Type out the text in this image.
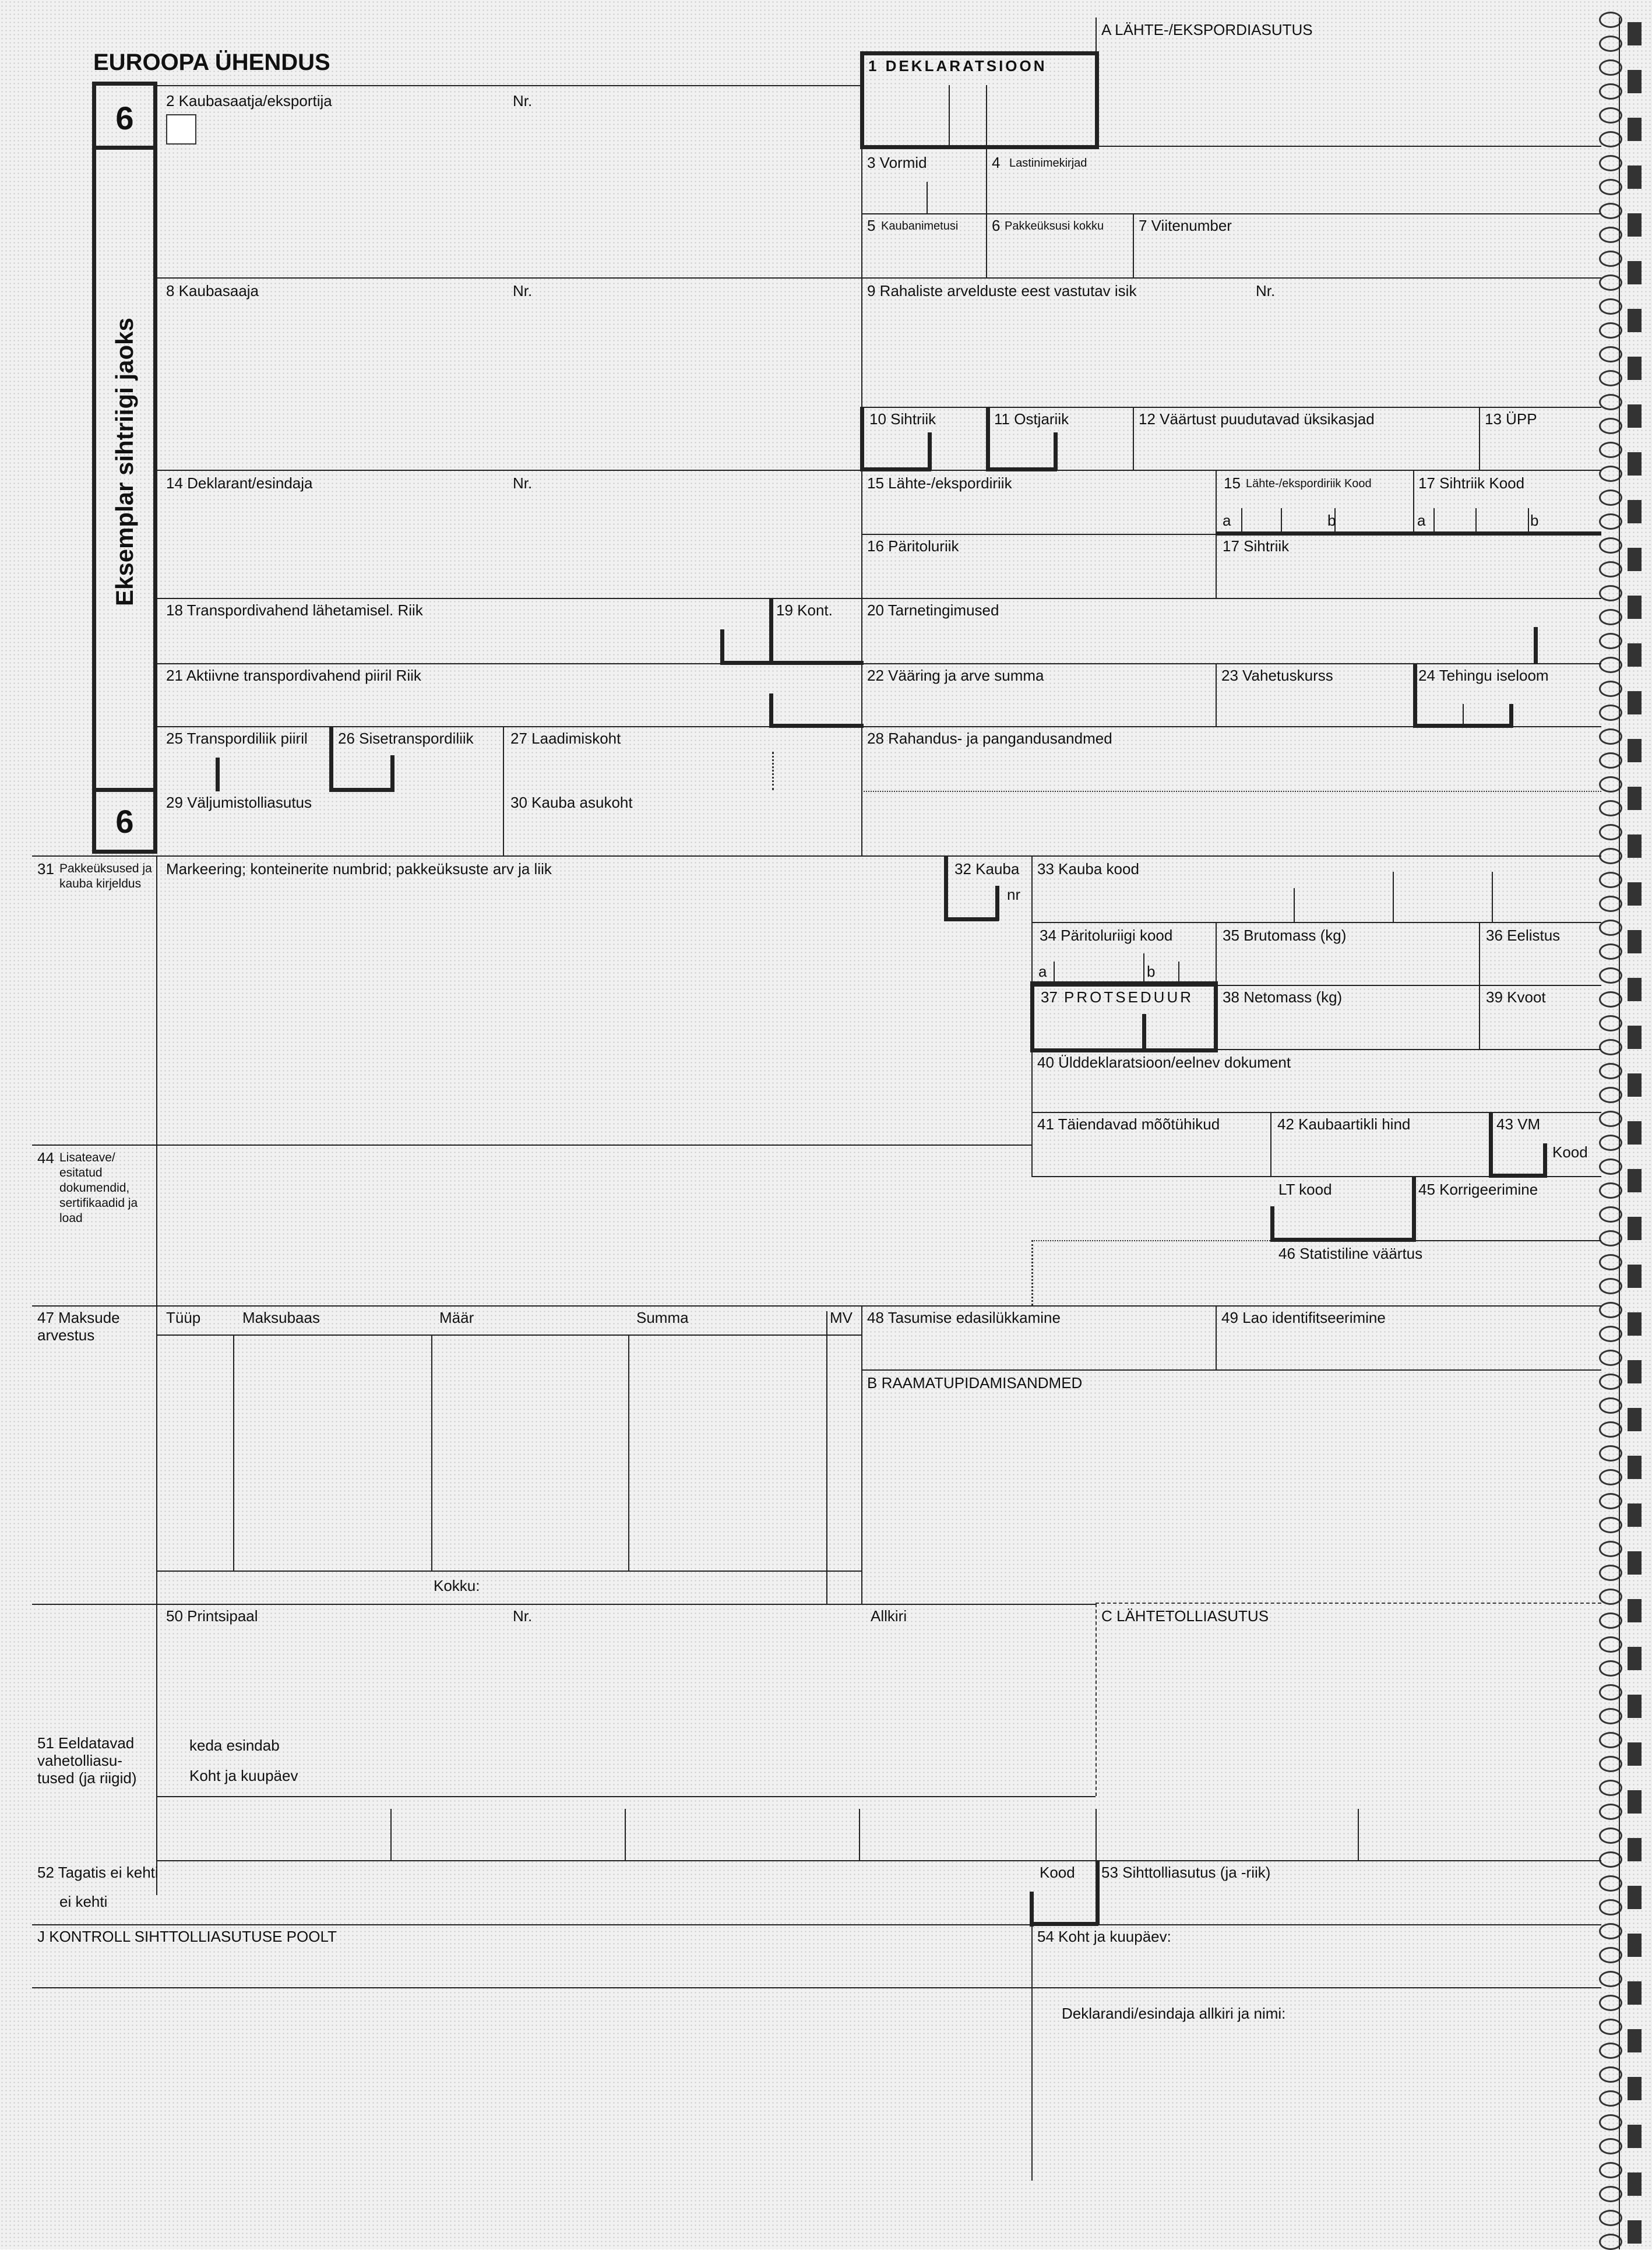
EUROOPA ÜHENDUS
6
6
Eksemplar sihtriigi jaoks
A LÄHTE-/EKSPORDIASUTUS
1 DEKLARATSIOON
2 Kaubasaatja/eksportija	Nr.
3 Vormid	4 Lastinimekirjad
5 Kaubanimetusi 6 Pakkeüksusi kokku 7 Viitenumber
8 Kaubasaaja	Nr.	9 Rahaliste arvelduste eest vastutav isik	Nr.
10 Sihtriik	11 Ostjariik	12 Väärtust puudutavad üksikasjad	13 ÜPP
14 Deklarant/esindaja	Nr.	15 Lähte-/ekspordiriik	15 Lähte-/ekspordiriik Kood	17 Sihtriik Kood
a	b	a	b
16 Päritoluriik	17 Sihtriik
18 Transpordivahend lähetamisel. Riik	19 Kont. 20 Tarnetingimused
21 Aktiivne transpordivahend piiril Riik	22 Vääring ja arve summa	23 Vahetuskurss	24 Tehingu iseloom
25 Transpordiliik piiril 26 Sisetranspordiliik 27 Laadimiskoht	28 Rahandus- ja pangandusandmed
29 Väljumistolliasutus	30 Kauba asukoht
31 Pakkeüksused ja kauba kirjeldus
Markeering; konteinerite numbrid; pakkeüksuste arv ja liik	32 Kauba
nr
33 Kauba kood
34 Päritoluriigi kood
a	b
35 Brutomass (kg)	36 Eelistus
37 PROTSEDUUR 38 Netomass (kg)	39 Kvoot
40 Ülddeklaratsioon/eelnev dokument
41 Täiendavad mõõtühikud	42 Kaubaartikli hind	43 VM
Kood
44 Lisateave/ esitatud dokumendid, sertifikaadid ja load
LT kood	45 Korrigeerimine
46 Statistiline väärtus
47 Maksude arvestus
Tüüp	Maksubaas	Määr	Summa	MV
Kokku:
48 Tasumise edasilükkamine	49 Lao identifitseerimine
B RAAMATUPIDAMISANDMED
50 Printsipaal	Nr.	Allkiri	C LÄHTETOLLIASUTUS
51 Eeldatavad vahetolliasu- tused (ja riigid)
keda esindab
Koht ja kuupäev
52 Tagatis ei kehti
ei kehti
Kood 53 Sihttolliasutus (ja -riik)
J KONTROLL SIHTTOLLIASUTUSE POOLT	54 Koht ja kuupäev:
Deklarandi/esindaja allkiri ja nimi:
